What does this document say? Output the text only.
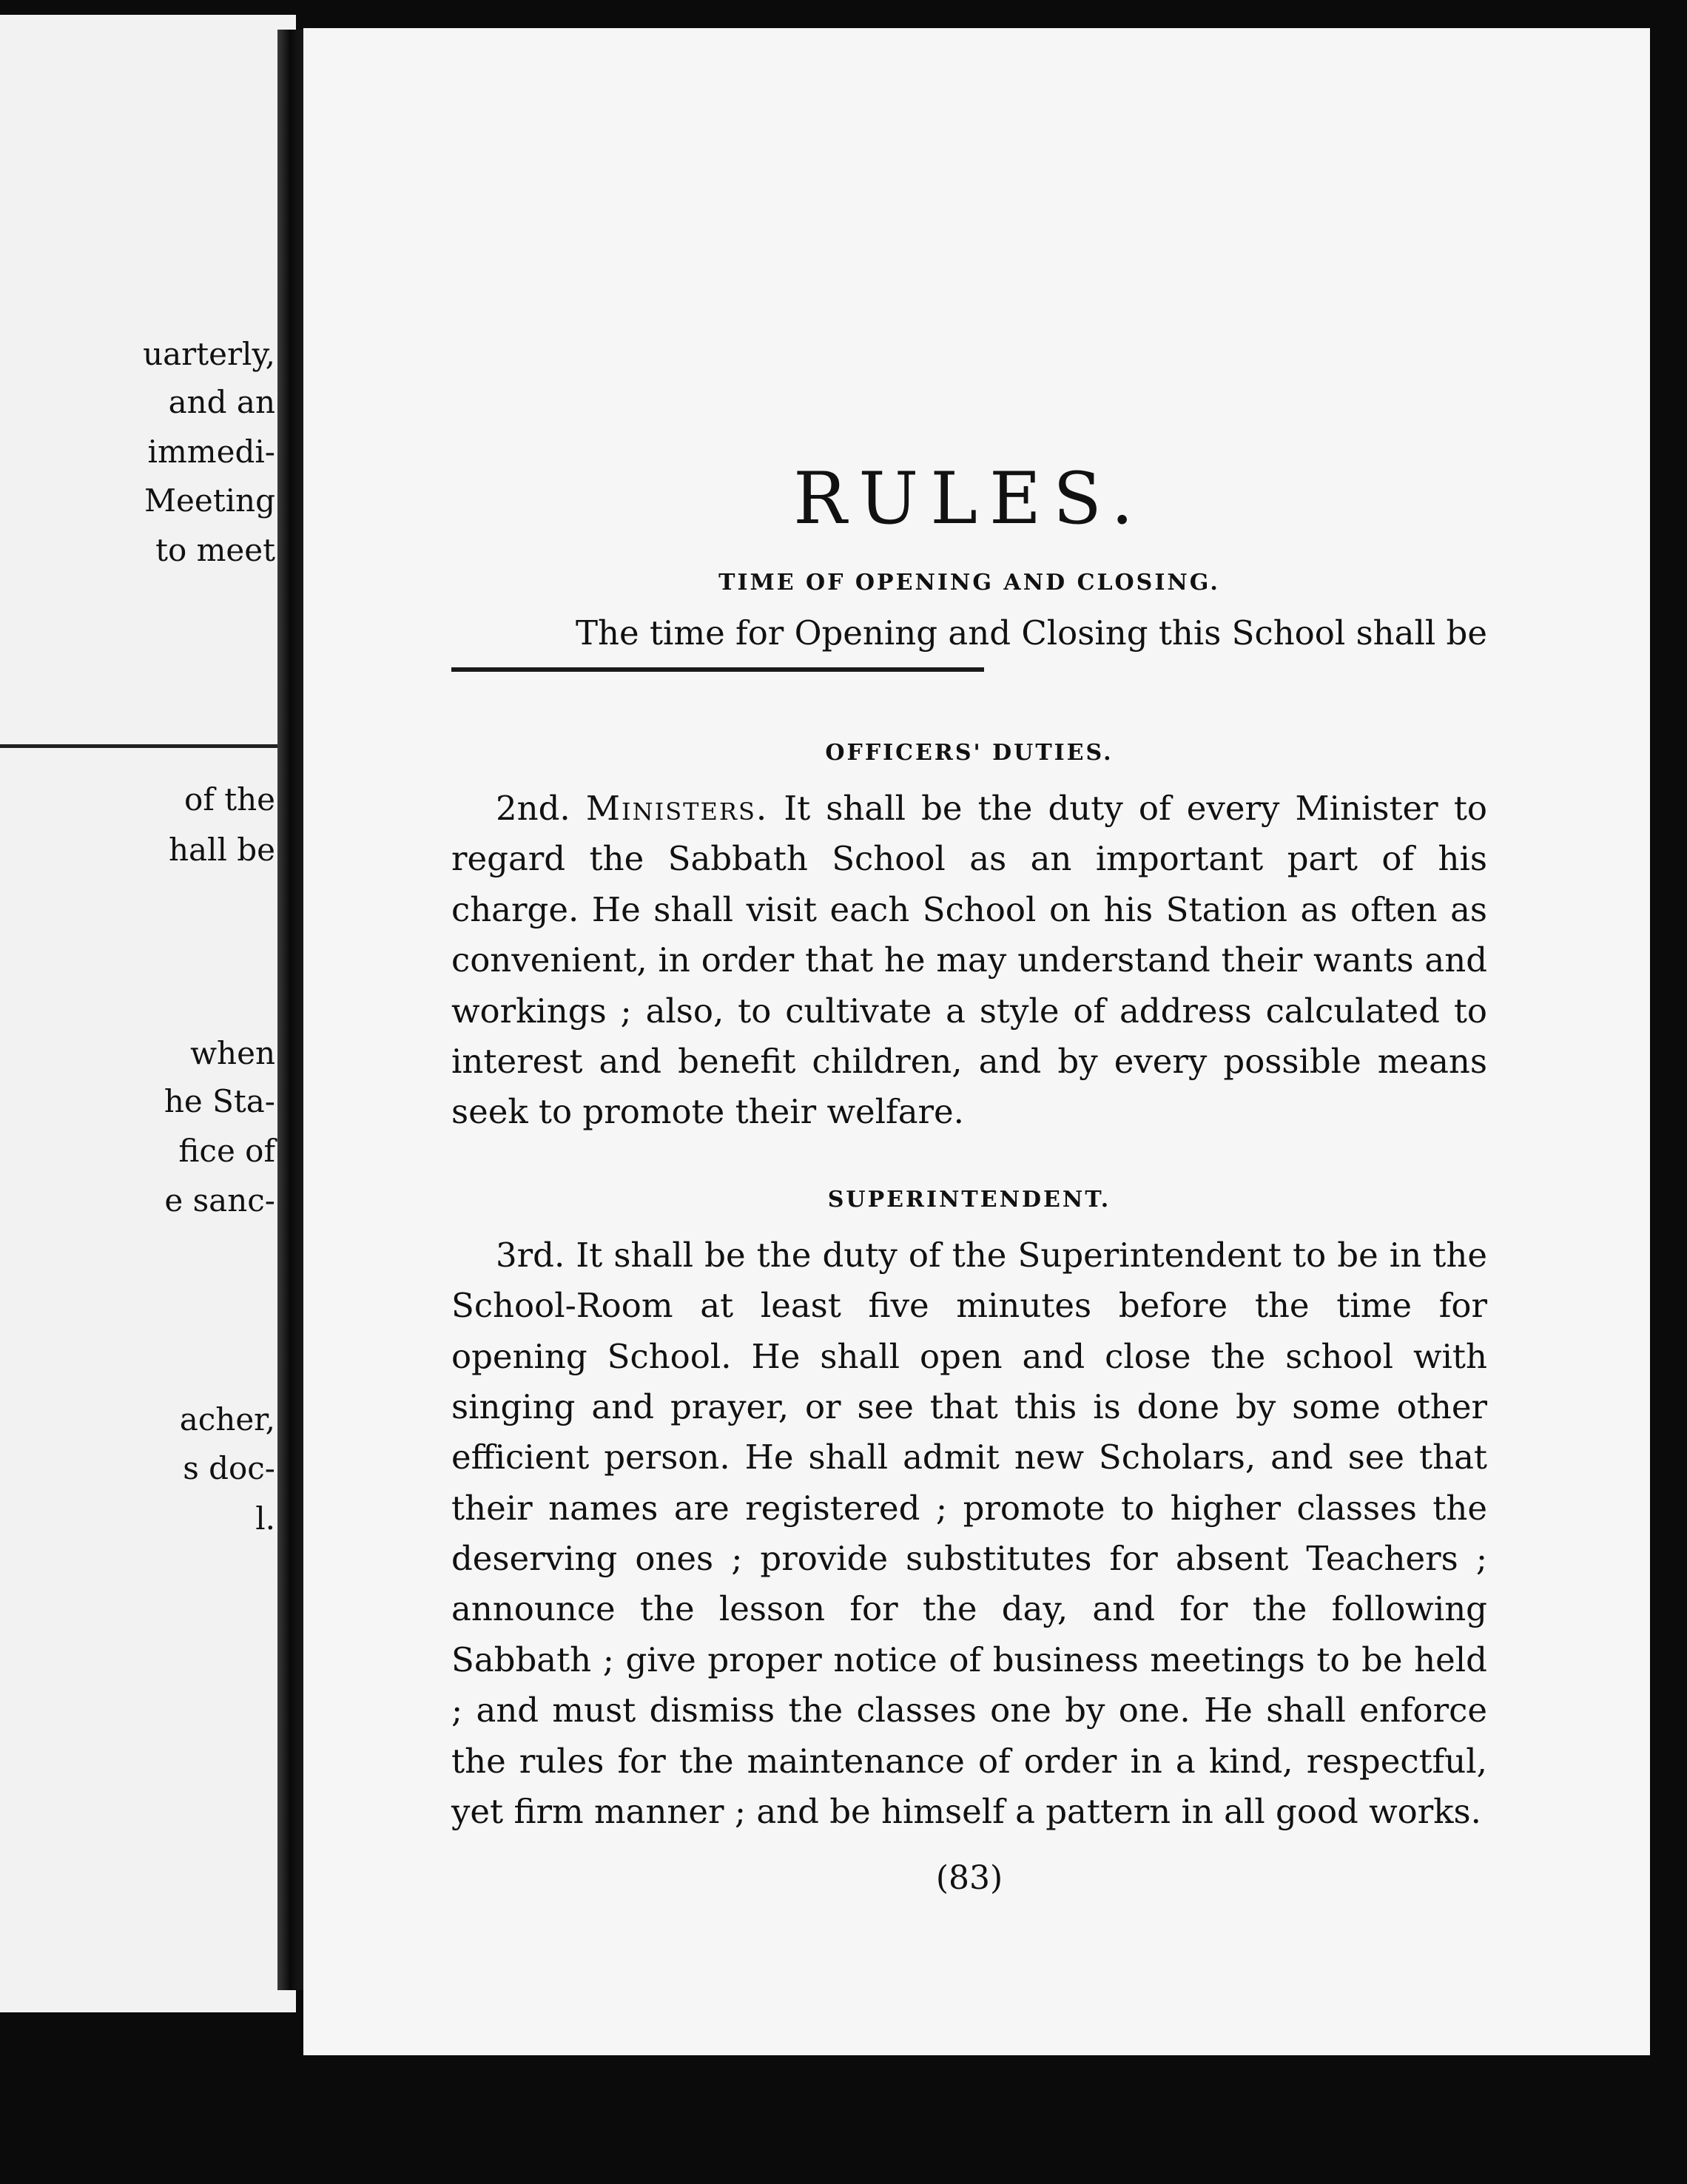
uarterly,
and an
immedi-
Meeting
to meet
of the
hall be
when
he Sta-
fice of
e sanc-
acher,
s doc-
l.
RULES.
TIME OF OPENING AND CLOSING.
The time for Opening and Closing this School shall be
OFFICERS' DUTIES.

2nd. Ministers. It shall be the duty of every Minister to regard the Sabbath School as an important part of his charge. He shall visit each School on his Station as often as convenient, in order that he may understand their wants and workings ; also, to cultivate a style of address calculated to interest and benefit children, and by every possible means seek to promote their welfare.

SUPERINTENDENT.

3rd. It shall be the duty of the Superintendent to be in the School-Room at least five minutes before the time for opening School. He shall open and close the school with singing and prayer, or see that this is done by some other efficient person. He shall admit new Scholars, and see that their names are registered ; promote to higher classes the deserving ones ; provide substitutes for absent Teachers ; announce the lesson for the day, and for the following Sabbath ; give proper notice of business meetings to be held ; and must dismiss the classes one by one. He shall enforce the rules for the maintenance of order in a kind, respectful, yet firm manner ; and be himself a pattern in all good works.

(83)
